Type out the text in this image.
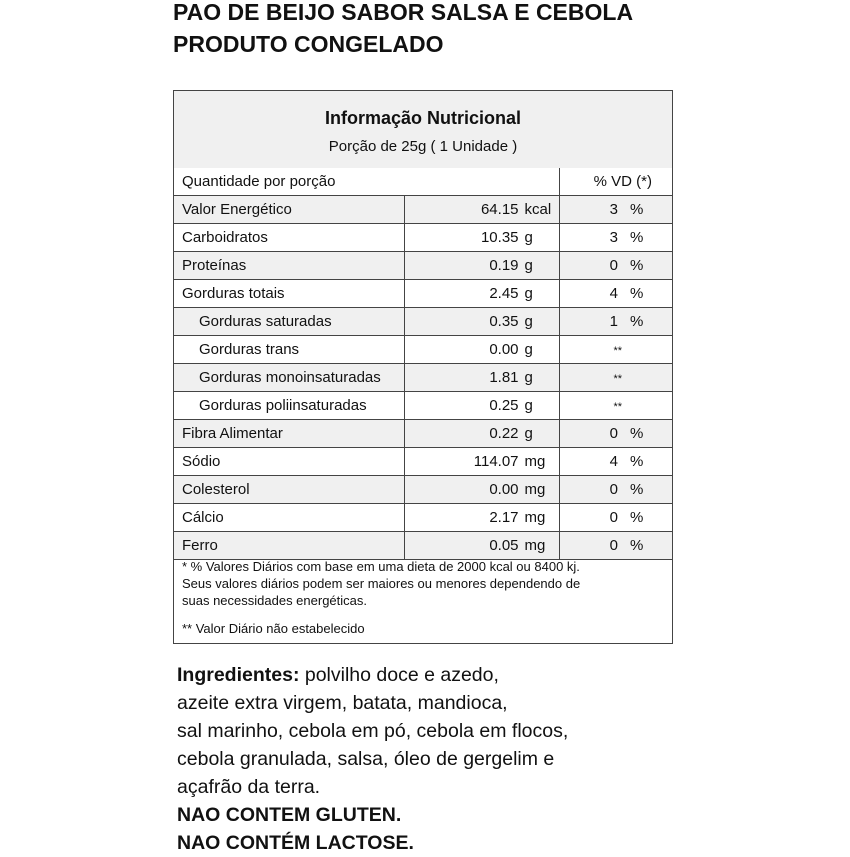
PAO DE BEIJO SABOR SALSA E CEBOLA

PRODUTO CONGELADO

Informação Nutricional
Porção de 25g ( 1 Unidade )
Quantidade por porção		% VD (*)
Valor Energético	64.15 kcal	3 %
Carboidratos	10.35 g	3 %
Proteínas	0.19 g	0 %
Gorduras totais	2.45 g	4 %
Gorduras saturadas	0.35 g	1 %
Gorduras trans	0.00 g	**
Gorduras monoinsaturadas	1.81 g	**
Gorduras poliinsaturadas	0.25 g	**
Fibra Alimentar	0.22 g	0 %
Sódio	114.07 mg	4 %
Colesterol	0.00 mg	0 %
Cálcio	2.17 mg	0 %
Ferro	0.05 mg	0 %

* % Valores Diários com base em uma dieta de 2000 kcal ou 8400 kj.

Seus valores diários podem ser maiores ou menores dependendo de

suas necessidades energéticas.

** Valor Diário não estabelecido

Ingredientes: polvilho doce e azedo,

azeite extra virgem, batata, mandioca,

sal marinho, cebola em pó, cebola em flocos,

cebola granulada, salsa, óleo de gergelim e

açafrão da terra.

NAO CONTEM GLUTEN.

NAO CONTÉM LACTOSE.
